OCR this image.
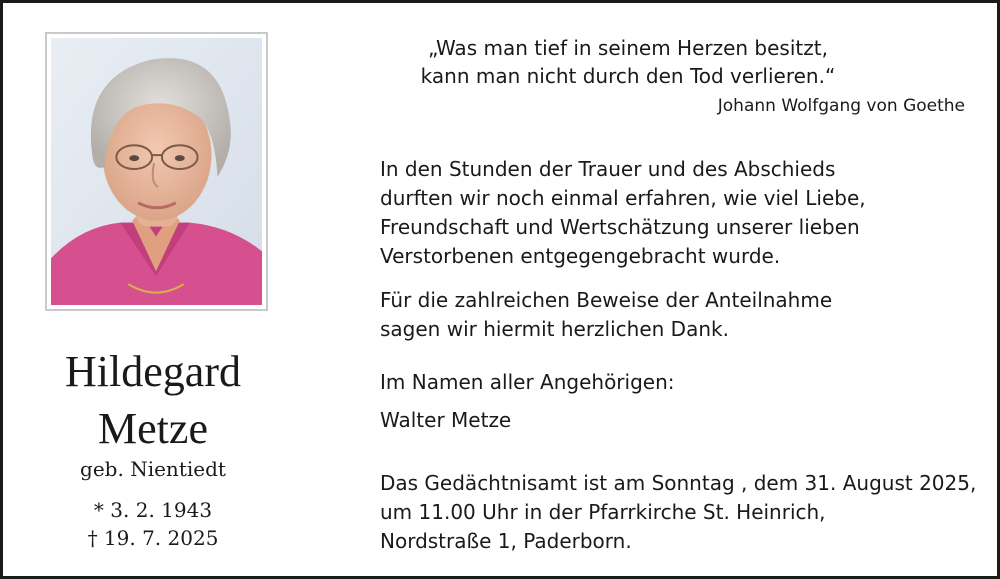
Hildegard
Metze
geb. Nientiedt
* 3. 2. 1943
† 19. 7. 2025
„Was man tief in seinem Herzen besitzt,
kann man nicht durch den Tod verlieren.“
Johann Wolfgang von Goethe
In den Stunden der Trauer und des Abschieds
durften wir noch einmal erfahren, wie viel Liebe,
Freundschaft und Wertschätzung unserer lieben
Verstorbenen entgegengebracht wurde.
Für die zahlreichen Beweise der Anteilnahme
sagen wir hiermit herzlichen Dank.
Im Namen aller Angehörigen:
Walter Metze
Das Gedächtnisamt ist am Sonntag , dem 31. August 2025,
um 11.00 Uhr in der Pfarrkirche St. Heinrich,
Nordstraße 1, Paderborn.
